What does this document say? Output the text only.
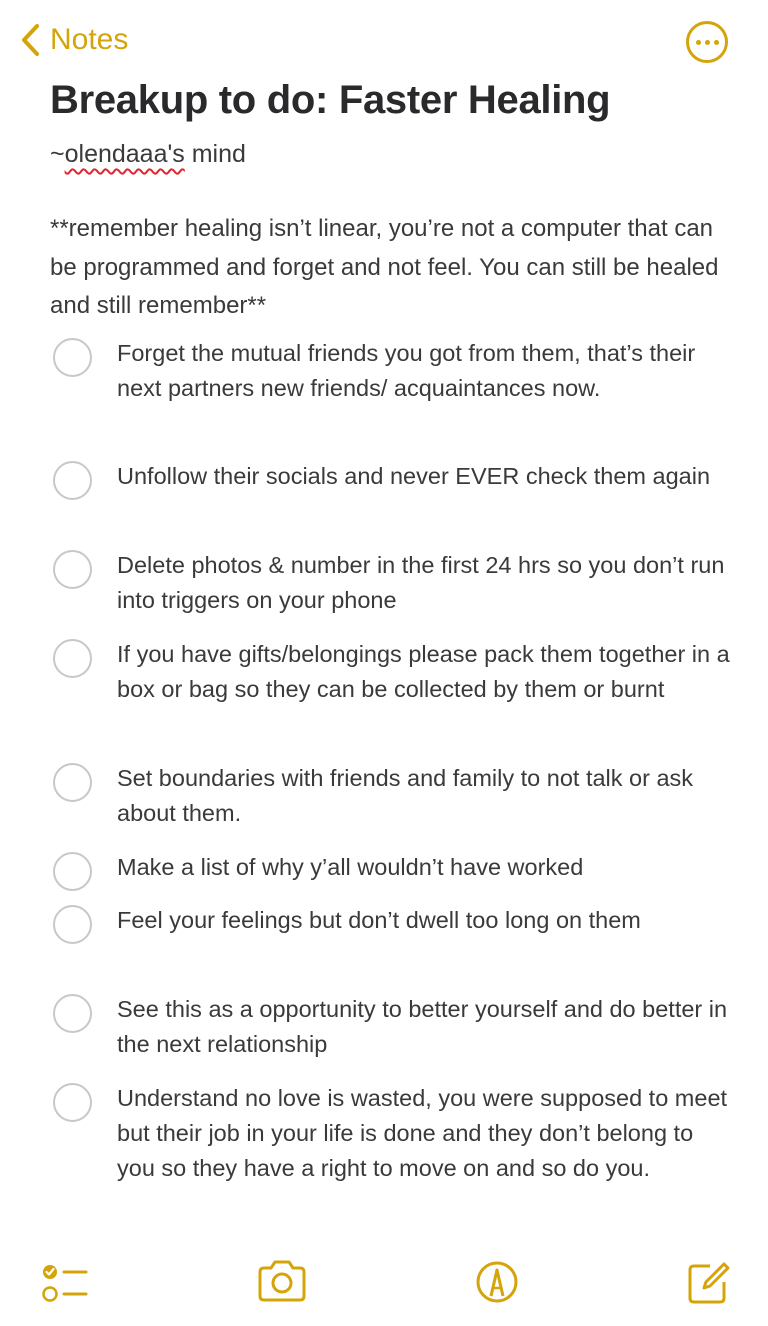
Notes
Breakup to do: Faster Healing
~olendaaa's mind
**remember healing isn’t linear, you’re not a computer that can be programmed and forget and not feel. You can still be healed and still remember**
Forget the mutual friends you got from them, that’s their next partners new friends/ acquaintances now.
Unfollow their socials and never EVER check them again
Delete photos & number in the first 24 hrs so you don’t run into triggers on your phone
If you have gifts/belongings please pack them together in a box or bag so they can be collected by them or burnt
Set boundaries with friends and family to not talk or ask about them.
Make a list of why y’all wouldn’t have worked
Feel your feelings but don’t dwell too long on them
See this as a opportunity to better yourself and do better in the next relationship
Understand no love is wasted, you were supposed to meet but their job in your life is done and they don’t belong to you so they have a right to move on and so do you.
